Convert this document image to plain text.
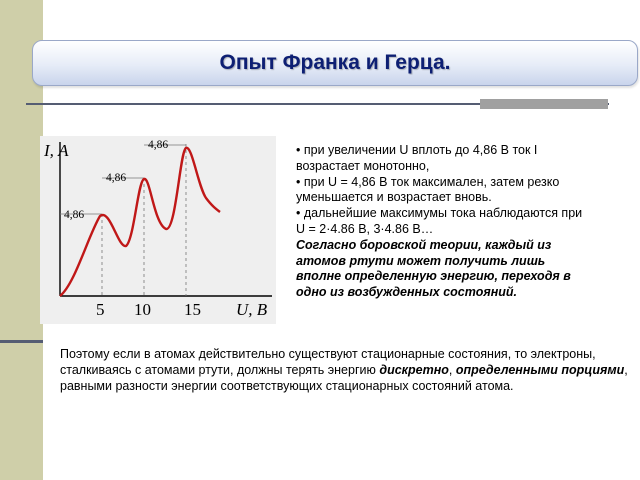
Опыт Франка и Герца.
4,86
4,86
4,86
I, А
U, В
5 10 15

• при увеличении U вплоть до 4,86 В ток I возрастает монотонно,

• при U = 4,86 В ток максимален, затем резко уменьшается и возрастает вновь.

• дальнейшие максимумы тока наблюдаются при U = 2·4.86 В, 3·4.86 В…

Согласно боровской теории, каждый из атомов ртути может получить лишь вполне определенную энергию, переходя в одно из возбужденных состояний.

Поэтому если в атомах действительно существуют стационарные состояния, то электроны, сталкиваясь с атомами ртути, должны терять энергию дискретно, определенными порциями, равными разности энергии соответствующих стационарных состояний атома.
